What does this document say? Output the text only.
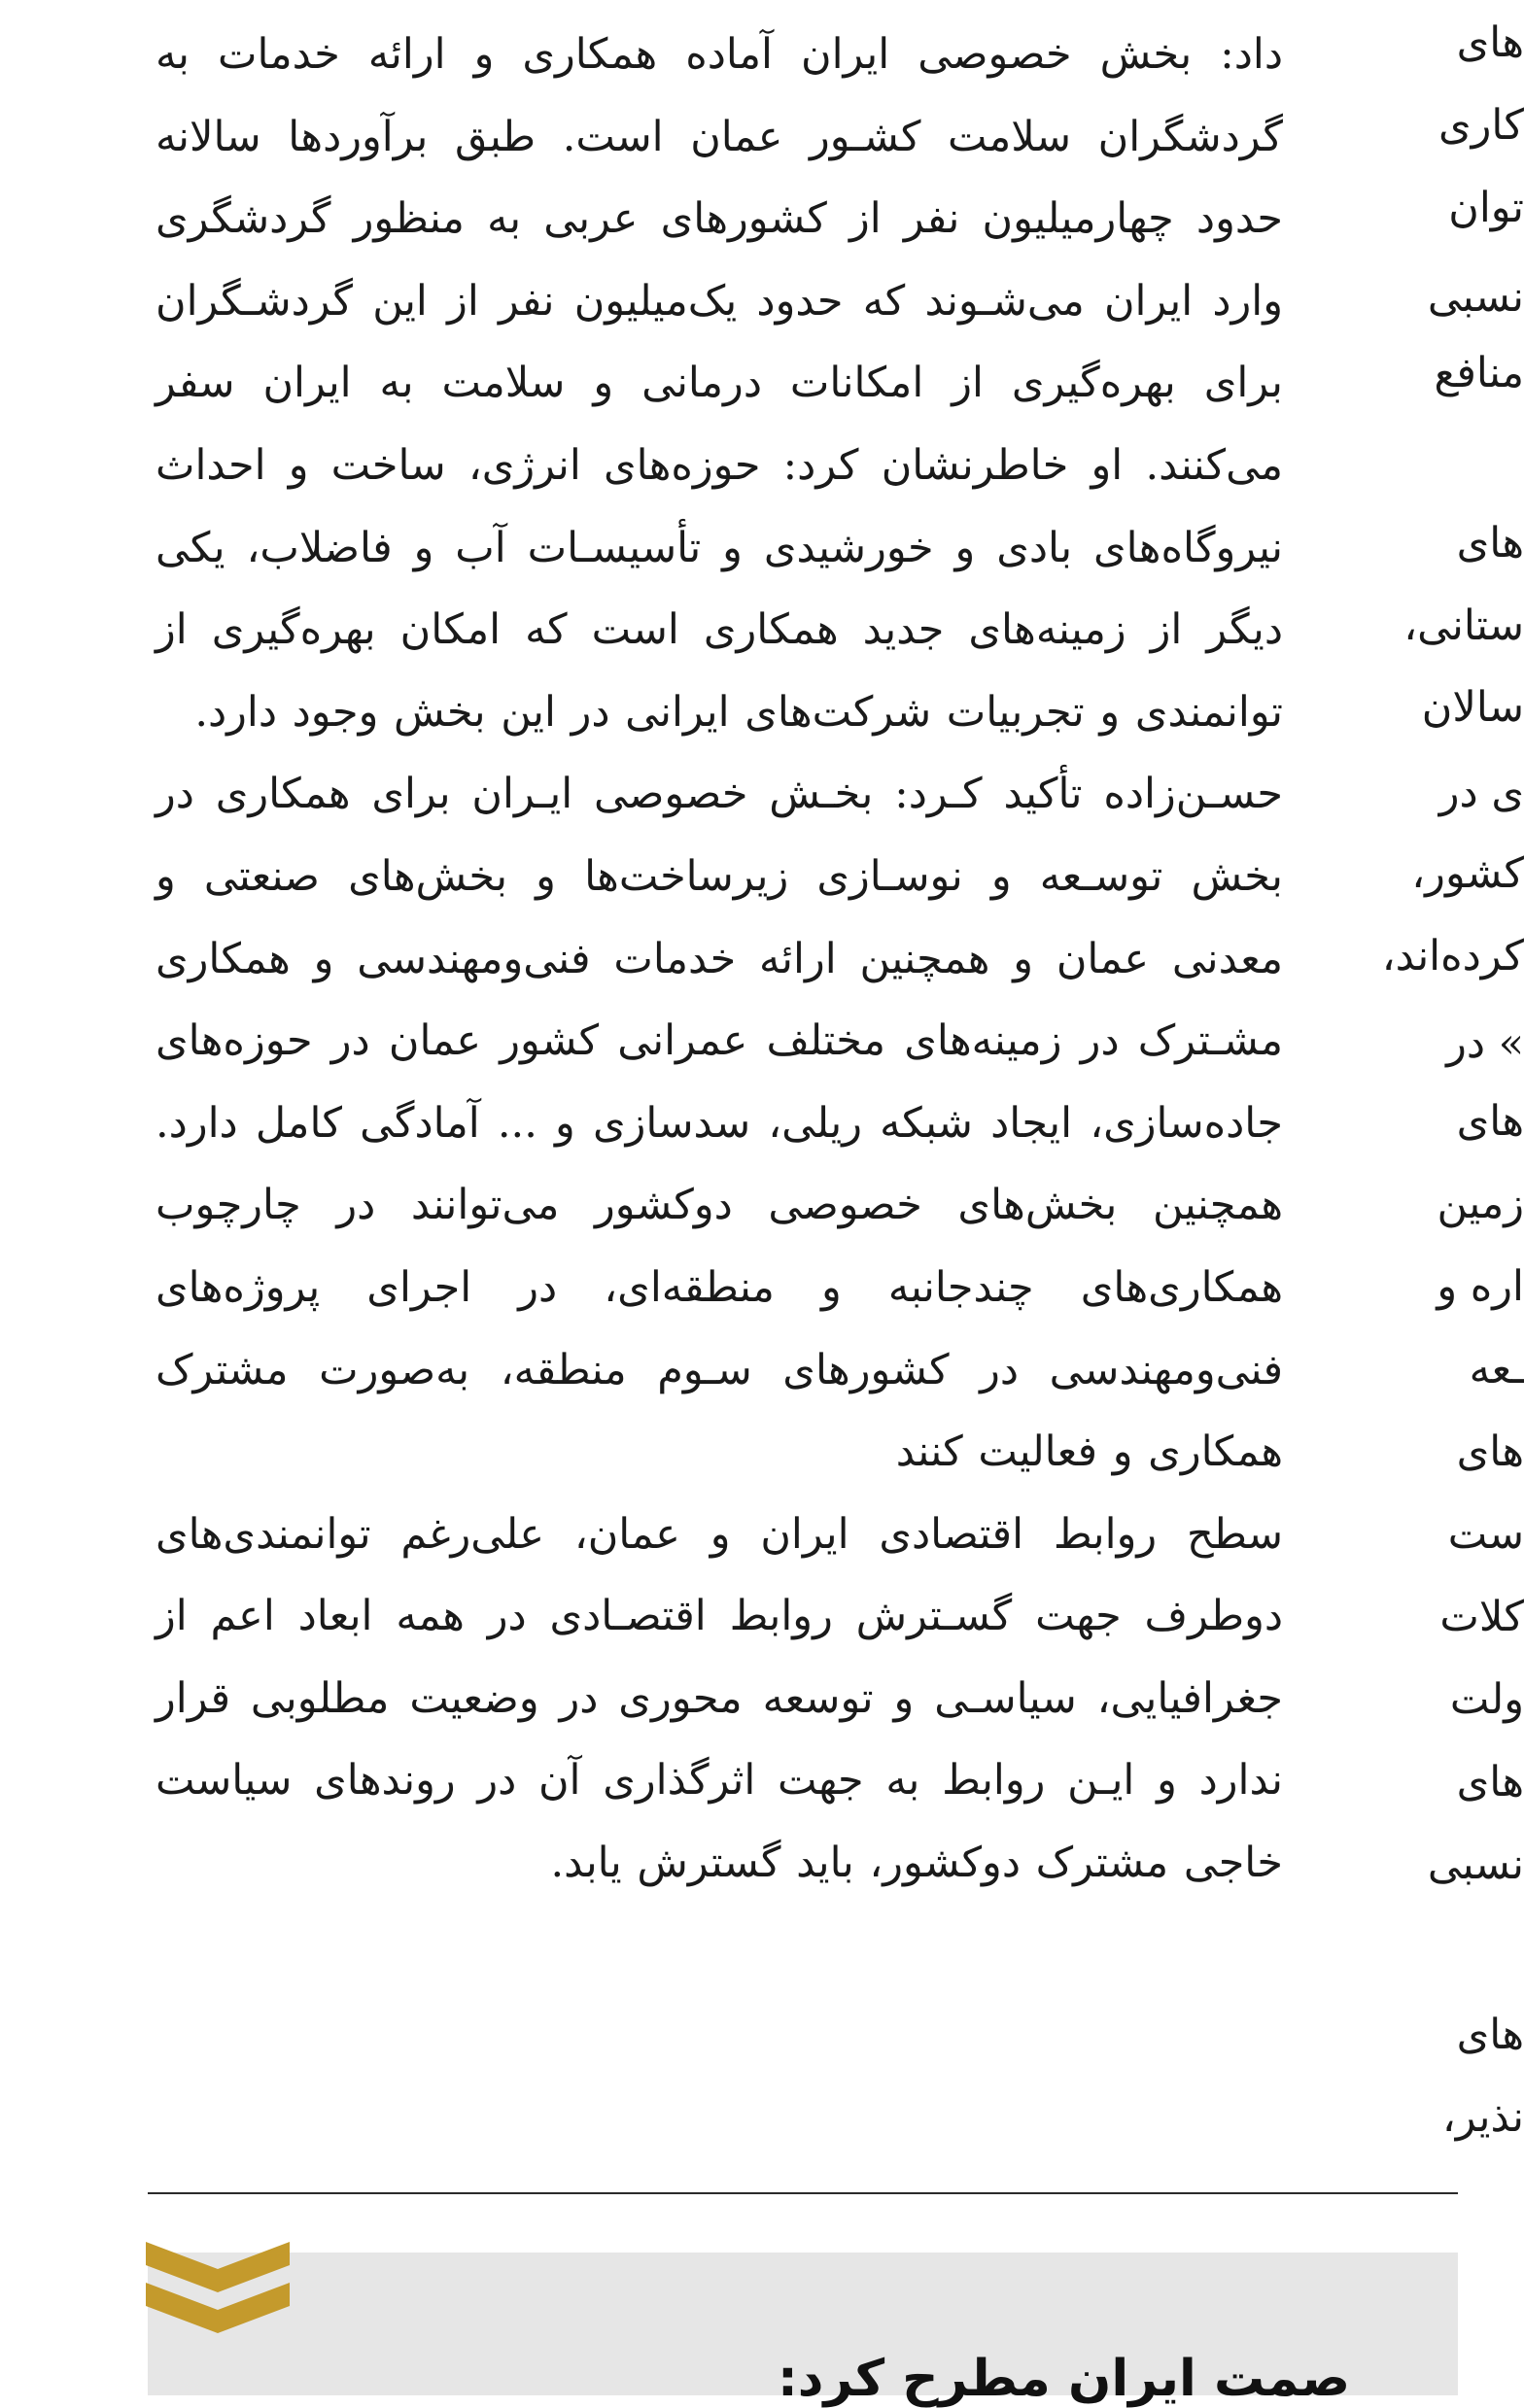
داد: بخش خصوصی ایران آماده همکاری و ارائه خدمات به گردشگران سلامت کشـور عمان است. طبق برآوردها سالانه حدود چهارمیلیون نفر از کشورهای عربی به منظور گردشگری وارد ایران می‌شـوند که حدود یک‌میلیون نفر از این گردشـگران برای بهره‌گیری از امکانات درمانی و سلامت به ایران سفر می‌کنند. او خاطرنشان کرد: حوزه‌های انرژی، ساخت و احداث نیروگاه‌های بادی و خورشیدی و تأسیسـات آب و فاضلاب، یکی دیگر از زمینه‌های جدید همکاری است که امکان بهره‌گیری از توانمندی و تجربیات شرکت‌های ایرانی در این بخش وجود دارد.

حسـن‌زاده تأکید کـرد: بخـش خصوصی ایـران برای همکاری در بخش توسـعه و نوسـازی زیرساخت‌ها و بخش‌های صنعتی و معدنی عمان و همچنین ارائه خدمات فنی‌ومهندسی و همکاری مشـترک در زمینه‌های مختلف عمرانی کشور عمان در حوزه‌های جاده‌سازی، ایجاد شبکه ریلی، سدسازی و ... آمادگی کامل دارد. همچنین بخش‌های خصوصی دوکشور می‌توانند در چارچوب همکاری‌های چندجانبه و منطقه‌ای، در اجرای پروژه‌های فنی‌ومهندسی در کشورهای سـوم منطقه، به‌صورت مشترک همکاری و فعالیت کنند

سطح روابط اقتصادی ایران و عمان، علی‌رغم توانمندی‌های دوطرف جهت گسـترش روابط اقتصـادی در همه ابعاد اعم از جغرافیایی، سیاسـی و توسعه محوری در وضعیت مطلوبی قرار ندارد و ایـن روابط به جهت اثرگذاری آن در روندهای سیاست خاجی مشترک دوکشور، باید گسترش یابد.

های
کاری
توان
نسبی
منافع
های
ستانی،
سالان
ی در
کشور،
کرده‌اند،
» در
های
زمین
اره و
ـعه
های
ست
کلات
ولت
های
نسبی
های
نذیر،
صمت ایران مطرح کرد:
